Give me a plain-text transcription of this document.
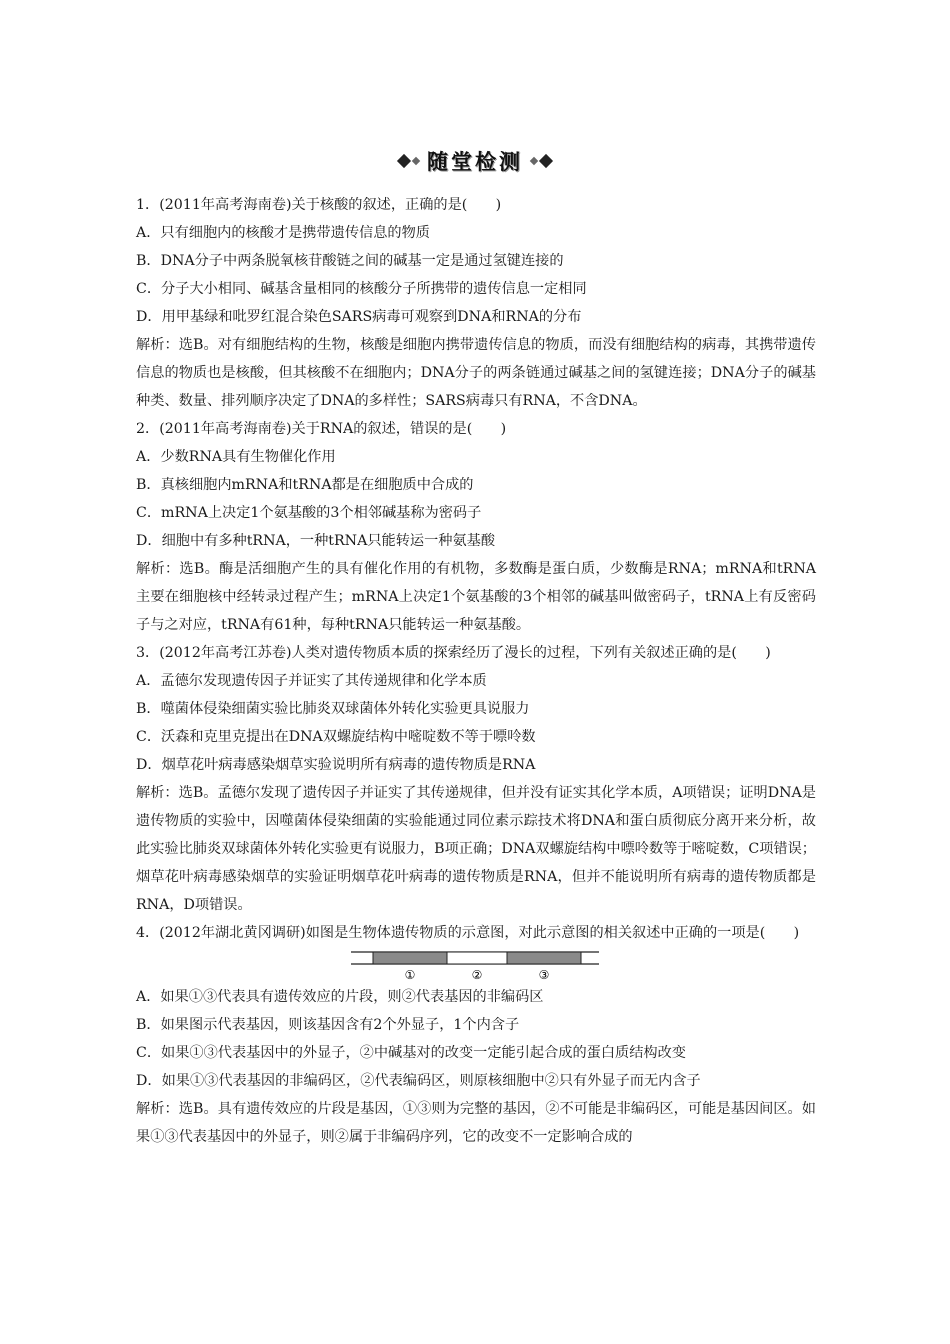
随堂检测
1．(2011年高考海南卷)关于核酸的叙述，正确的是(　　)
A．只有细胞内的核酸才是携带遗传信息的物质
B．DNA分子中两条脱氧核苷酸链之间的碱基一定是通过氢键连接的
C．分子大小相同、碱基含量相同的核酸分子所携带的遗传信息一定相同
D．用甲基绿和吡罗红混合染色SARS病毒可观察到DNA和RNA的分布
解析：选B。对有细胞结构的生物，核酸是细胞内携带遗传信息的物质，而没有细胞结构的病毒，其携带遗传信息的物质也是核酸，但其核酸不在细胞内；DNA分子的两条链通过碱基之间的氢键连接；DNA分子的碱基种类、数量、排列顺序决定了DNA的多样性；SARS病毒只有RNA，不含DNA。
2．(2011年高考海南卷)关于RNA的叙述，错误的是(　　)
A．少数RNA具有生物催化作用
B．真核细胞内mRNA和tRNA都是在细胞质中合成的
C．mRNA上决定1个氨基酸的3个相邻碱基称为密码子
D．细胞中有多种tRNA，一种tRNA只能转运一种氨基酸
解析：选B。酶是活细胞产生的具有催化作用的有机物，多数酶是蛋白质，少数酶是RNA；mRNA和tRNA主要在细胞核中经转录过程产生；mRNA上决定1个氨基酸的3个相邻的碱基叫做密码子，tRNA上有反密码子与之对应，tRNA有61种，每种tRNA只能转运一种氨基酸。
3．(2012年高考江苏卷)人类对遗传物质本质的探索经历了漫长的过程，下列有关叙述正确的是(　　)
A．孟德尔发现遗传因子并证实了其传递规律和化学本质
B．噬菌体侵染细菌实验比肺炎双球菌体外转化实验更具说服力
C．沃森和克里克提出在DNA双螺旋结构中嘧啶数不等于嘌呤数
D．烟草花叶病毒感染烟草实验说明所有病毒的遗传物质是RNA
解析：选B。孟德尔发现了遗传因子并证实了其传递规律，但并没有证实其化学本质，A项错误；证明DNA是遗传物质的实验中，因噬菌体侵染细菌的实验能通过同位素示踪技术将DNA和蛋白质彻底分离开来分析，故此实验比肺炎双球菌体外转化实验更有说服力，B项正确；DNA双螺旋结构中嘌呤数等于嘧啶数，C项错误；烟草花叶病毒感染烟草的实验证明烟草花叶病毒的遗传物质是RNA，但并不能说明所有病毒的遗传物质都是RNA，D项错误。
4．(2012年湖北黄冈调研)如图是生物体遗传物质的示意图，对此示意图的相关叙述中正确的一项是(　　)
①	②	③
A．如果①③代表具有遗传效应的片段，则②代表基因的非编码区
B．如果图示代表基因，则该基因含有2个外显子，1个内含子
C．如果①③代表基因中的外显子，②中碱基对的改变一定能引起合成的蛋白质结构改变
D．如果①③代表基因的非编码区，②代表编码区，则原核细胞中②只有外显子而无内含子
解析：选B。具有遗传效应的片段是基因，①③则为完整的基因，②不可能是非编码区，可能是基因间区。如果①③代表基因中的外显子，则②属于非编码序列，它的改变不一定影响合成的
